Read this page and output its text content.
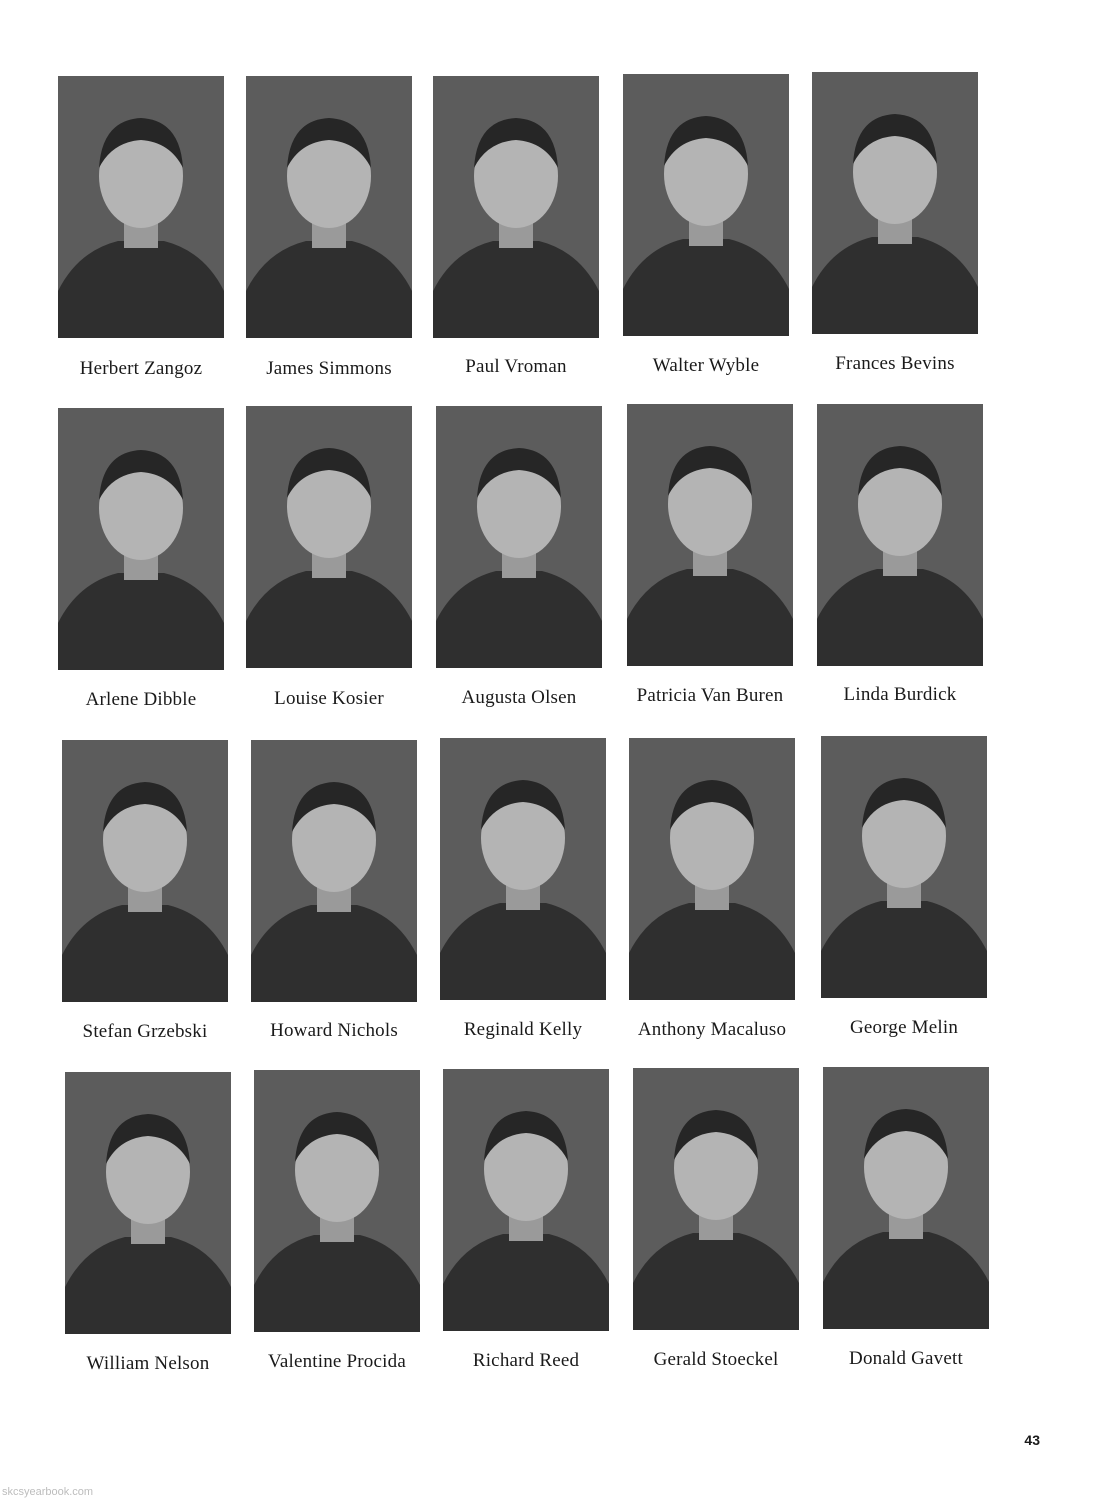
Herbert Zangoz	James Simmons	Paul Vroman	Walter Wyble	Frances Bevins
Arlene Dibble	Louise Kosier	Augusta Olsen	Patricia Van Buren	Linda Burdick
Stefan Grzebski	Howard Nichols	Reginald Kelly	Anthony Macaluso	George Melin
William Nelson	Valentine Procida	Richard Reed	Gerald Stoeckel	Donald Gavett
43
skcsyearbook.com
